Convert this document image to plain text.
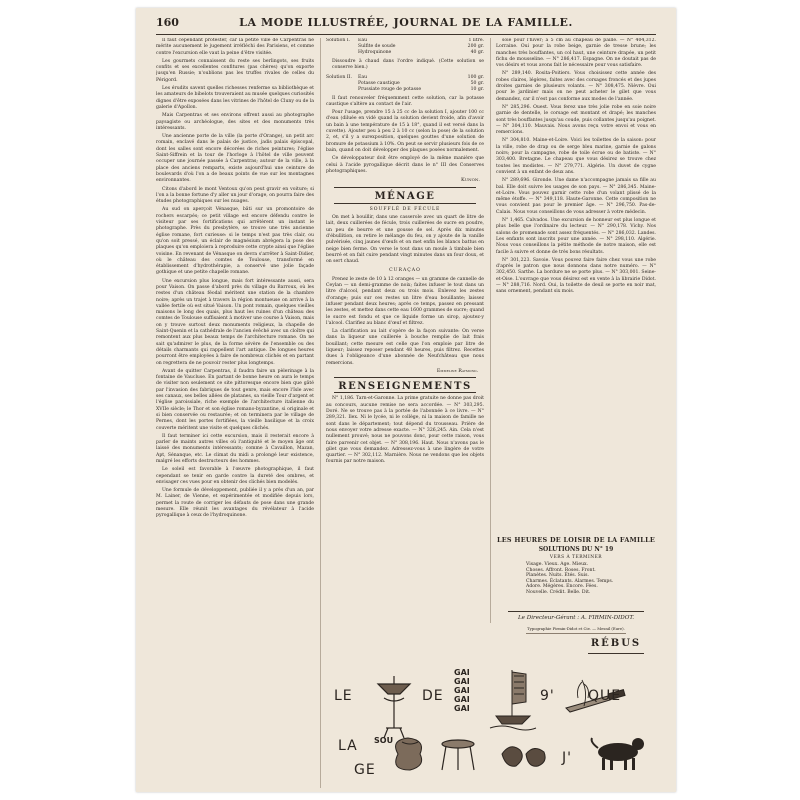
LA MODE ILLUSTRÉE, JOURNAL DE LA FAMILLE.
160

Il faut cependant protester, car la petite ville de Carpentras ne mérite aucunement le jugement irréfléchi des Parisiens, et comme contre l'excursion elle vaut la peine d'être visitée.

Les gourmets connaissent du reste ses berlingots, ses fruits confits et ses excellentes confitures (pas chères) qu'on exporte jusqu'en Russie; n'oublions pas les truffes rivales de celles du Périgord.

Les érudits savent quelles richesses renferme sa bibliothèque et les amateurs de bibelots trouveraient au musée quelques curiosités dignes d'être exposées dans les vitrines de l'hôtel de Cluny ou de la galerie d'Apollon.

Mais Carpentras et ses environs offrent aussi au photographe paysagiste ou archéologue, des sites et des monuments très intéressants.

Une ancienne porte de la ville (la porte d'Orange), un petit arc romain, enclavé dans le palais de justice, jadis palais épiscopal, dont les salles sont encore décorées de riches peintures; l'église Saint-Siffrein et la tour de l'horloge à l'hôtel de ville peuvent occuper une journée passée à Carpentras; autour de la ville, à la place des anciens remparts, existe aujourd'hui une ceinture de boulevards d'où l'on a de beaux points de vue sur les montagnes environnantes.

Citons d'abord le mont Ventoux qu'on peut gravir en voiture; si l'on a la bonne fortune d'y aller un jour d'orage, on pourra faire des études photographiques sur les nuages.

Au sud on aperçoit Vénasque, bâti sur un promontoire de rochers escarpés; ce petit village est encore défendu contre le visiteur par ses fortifications qui arrêtèrent un instant le photographe. Près du presbytère, se trouve une très ancienne église romane, fort curieuse: si le temps n'est pas très clair, ou qu'on soit pressé, un éclair de magnésium abrègera la pose des plaques qu'on emploiera à reproduire cette crypte ainsi que l'église voisine. En revenant de Vénasque on devra s'arrêter à Saint-Didier, où le château des comtes de Toulouse, transformé en établissement d'hydrothérapie, a conservé une jolie façade gothique et une petite chapelle romane.

Une excursion plus longue, mais fort intéressante aussi, sera pour Vaison. On passe d'abord près du village du Barroux, où les restes d'un château féodal méritent une station de la chambre noire; après un trajet à travers la région montueuse on arrive à la vallée fertile où est situé Vaison. Un pont romain, quelques vieilles maisons le long des quais, plus haut les ruines d'un château des comtes de Toulouse suffisaient à motiver une course à Vaison, mais on y trouve surtout deux monuments religieux, la chapelle de Saint-Quenin et la cathédrale de l'ancien évêché avec un cloître qui remontent aux plus beaux temps de l'architecture romane. On ne sait qu'admirer le plus, de la forme sévère de l'ensemble ou des détails charmants qui rappellent l'art antique. De longues heures pourront être employées à faire de nombreux clichés et en partant on regrettera de ne pouvoir rester plus longtemps.

Avant de quitter Carpentras, il faudra faire un pèlerinage à la fontaine de Vaucluse. En partant de bonne heure on aura le temps de visiter non seulement ce site pittoresque encore bien que gâté par l'invasion des fabriques de tout genre, mais encore l'Isle avec ses canaux, ses belles allées de platanes, sa vieille Tour d'argent et l'église paroissiale, riche exemple de l'architecture italienne du XVIIe siècle; le Thor et son église romano-byzantine, si originale et si bien conservée ou restaurée; et on terminera par le village de Pernes, dont les portes fortifiées, la vieille basilique et la croix couverte méritent une visite et quelques clichés.

Il faut terminer ici cette excursion, mais il resterait encore à parler de maints autres villes où l'antiquité et le moyen âge ont laissé des monuments intéressants; comme à Cavaillon, Mazan, Apt, Sénanque, etc. Le climat du midi a prolongé leur existence, malgré les efforts destructeurs des hommes.

Le soleil est favorable à l'œuvre photographique, il faut cependant se tenir en garde contre la dureté des ombres, et envisager ces vues pour en obtenir des clichés bien modelés.

Une formule de développement, publiée il y a près d'un an, par M. Lainer, de Vienne, et expérimentée et modifiée depuis lors, permet la route de corriger les défauts de pose dans une grande mesure. Elle réunit les avantages du révélateur à l'acide pyrogallique à ceux de l'hydroquinone.

Solution I.	Eau	1 litre.
Sulfite de soude	200 gr.
Hydroquinone	40 gr.
Dissoudre à chaud dans l'ordre indiqué. (Cette solution se conserve bien.)
Solution II.	Eau	100 gr.
Potasse caustique	50 gr.
Prussiate rouge de potasse	10 gr.

Il faut renouveler fréquemment cette solution, car la potasse caustique s'altère au contact de l'air.

Pour l'usage, prendre 15 à 25 cc de la solution I, ajouter 100 cc d'eau (diluée en vidé quand la solution devient froide, afin d'avoir un bain à une température de 15 à 18°, quand il est versé dans la cuvette). Ajouter peu à peu 2 à 10 cc (selon la pose) de la solution 2, et, s'il y a surexposition, quelques gouttes d'une solution de bromure de potassium à 10%. On peut se servir plusieurs fois de ce bain, quand on doit développer des plaques posées normalement.

Ce développateur doit être employé de la même manière que celui à l'acide pyrogallique décrit dans le n° III des Conserves photographiques.

Kunon.
MÉNAGE
SOUFFLÉ DE FÉCULE

On met à bouillir, dans une casserole avec un quart de litre de lait, deux cuillerées de fécule, trois cuillerées de sucre en poudre, un peu de beurre et une gousse de sel. Après dix minutes d'ébullition, on retire le mélange du feu, on y ajoute de la vanille pulvérisée, cinq jaunes d'œufs et on met enfin les blancs battus en neige bien ferme. On verse le tout dans un moule à timbale bien beurré et on fait cuire pendant vingt minutes dans un four doux, et on sert chaud.

CURAÇAO

Prenez le zeste de 10 à 12 oranges — un gramme de cannelle de Ceylan — un demi-gramme de noix; faites infuser le tout dans un litre d'alcool, pendant deux ou trois mois. Enlevez les zestes d'orange; puis sur ces restes un litre d'eau bouillante; laissez infuser pendant deux heures; après ce temps, passez en pressant les zestes, et mettez dans cette eau 1600 grammes de sucre; quand le sucre est fondu et que ce liquide forme un sirop, ajoutez-y l'alcool. Clarifiez au blanc d'œuf et filtrez.

La clarification au lait s'opère de la façon suivante: On verse dans la liqueur une cuillerée à bouche remplie de lait frais bouillant; cette mesure est celle que l'on emploie par litre de liqueur; laissez reposer pendant 48 heures, puis filtrez. Recettes dues à l'obligeance d'une abonnée de Neufchâteau que nous remercions.

Emmeline Raymond.
RENSEIGNEMENTS

N° 1,186. Tarn-et-Garonne. La prime gratuite ne donne pas droit au concours, aucune remise ne sera accordée. — N° 303,295. Doré. Ne se trouve pas à la portée de l'abonnée à ce livre. — N° 289,321. Ilex. Ni le lycée, ni le collège, ni la maison de famille ne sont dans le département; tout dépend du trousseau. Prière de nous envoyer votre adresse exacte. — N° 326,245. Ain. Cela n'est nullement prouvé; nous ne pouvons donc, pour cette raison, vous faire parvenir cet objet. — N° 308,196. Haut. Nous n'avons pas le gilet que vous demandez. Adressez-vous à une lingère de votre quartier. — N° 302,112. Marnière. Nous ne vendons que les objets fournis par notre maison.

soie pour l'hiver; à 5 cm au chapeau de paille. — N° 404,312. Lorraine. Oui pour la robe beige, garnie de tresse brune; les manches très bouffantes, un col haut, une ceinture drapée, un petit fichu de mousseline. — N° 286,417. Espagne. On ne doutait pas de vos désirs et vous avons fait le nécessaire pour vous satisfaire.

N° 289,140. Rosita-Poitiers. Vous choisissez cette année des robes claires, légères, faites avec des corsages froncés et des jupes droites garnies de plusieurs volants. — N° 308,475. Nièvre. Oui pour le jardinier mais on ne peut acheter le gilet que vous demandez, car il n'est pas conforme aux modes de l'année.

N° 285,296. Ouest. Vous ferez une très jolie robe en soie noire garnie de dentelle, le corsage est montant et drapé; les manches sont très bouffantes jusqu'au coude, puis collantes jusqu'au poignet. — N° 304,110. Mauvais. Nous avons reçu votre envoi et vous en remercions.

N° 304,810. Maine-et-Loire. Voici les toilettes de la saison: pour la ville, robe de drap ou de serge bleu marine, garnie de galons noirs; pour la campagne, robe de toile écrue ou de batiste. — N° 303,400. Bretagne. Le chapeau que vous désirez se trouve chez toutes les modistes. — N° 279,771. Algérie. Un duvet de cygne convient à un enfant de deux ans.

N° 289,696. Gironde. Une dame n'accompagne jamais sa fille au bal. Elle doit suivre les usages de son pays. — N° 286,345. Maine-et-Loire. Vous pouvez garnir cette robe d'un volant plissé de la même étoffe. — N° 349,118. Haute-Garonne. Cette composition ne vous convient pas pour le premier âge. — N° 296,750. Pas-de-Calais. Nous vous conseillons de vous adresser à votre médecin.

N° 1,465. Calvados. Une excursion de honneur est plus longue et plus belle que l'ordinaire du lecteur. — N° 290,178. Vichy. Nos salons de promenade sont assez fréquentés. — N° 286,032. Landes. Les enfants sont inscrits pour une année. — N° 298,110. Algérie. Nous vous conseillons la pétite méthode de notre maison, elle est facile à suivre et donne de très bons résultats.

N° 301,223. Savoie. Vous pouvez faire faire chez vous une robe d'après le patron que nous donnons dans notre numéro. — N° 302,450. Sarthe. La bordure ne se porte plus. — N° 303,001. Seine-et-Oise. L'ouvrage que vous désirez est en vente à la librairie Didot. — N° 288,716. Nord. Oui, la toilette de deuil se porte en noir mat, sans ornement, pendant six mois.

LES HEURES DE LOISIR DE LA FAMILLE
SOLUTIONS DU N° 19
VERS À TERMINER
Visage. Vieux. Age. Mieux.
Choses. Affront. Roses. Front.
Planètes. Nuits. Étés. Suis.
Charmes. Éclatants. Alarmes. Temps.
Adore. Mégères. Encore. Fées.
Nouvelle. Crédit. Belle. Dit.
Le Directeur-Gérant : A. FIRMIN-DIDOT.
Typographie Firmin-Didot et Cie. — Mesnil (Eure).
RÉBUS
LE	DE
GAI
GAI
GAI
GAI
GAI
9' QUE
LA SOU
GE
J'
